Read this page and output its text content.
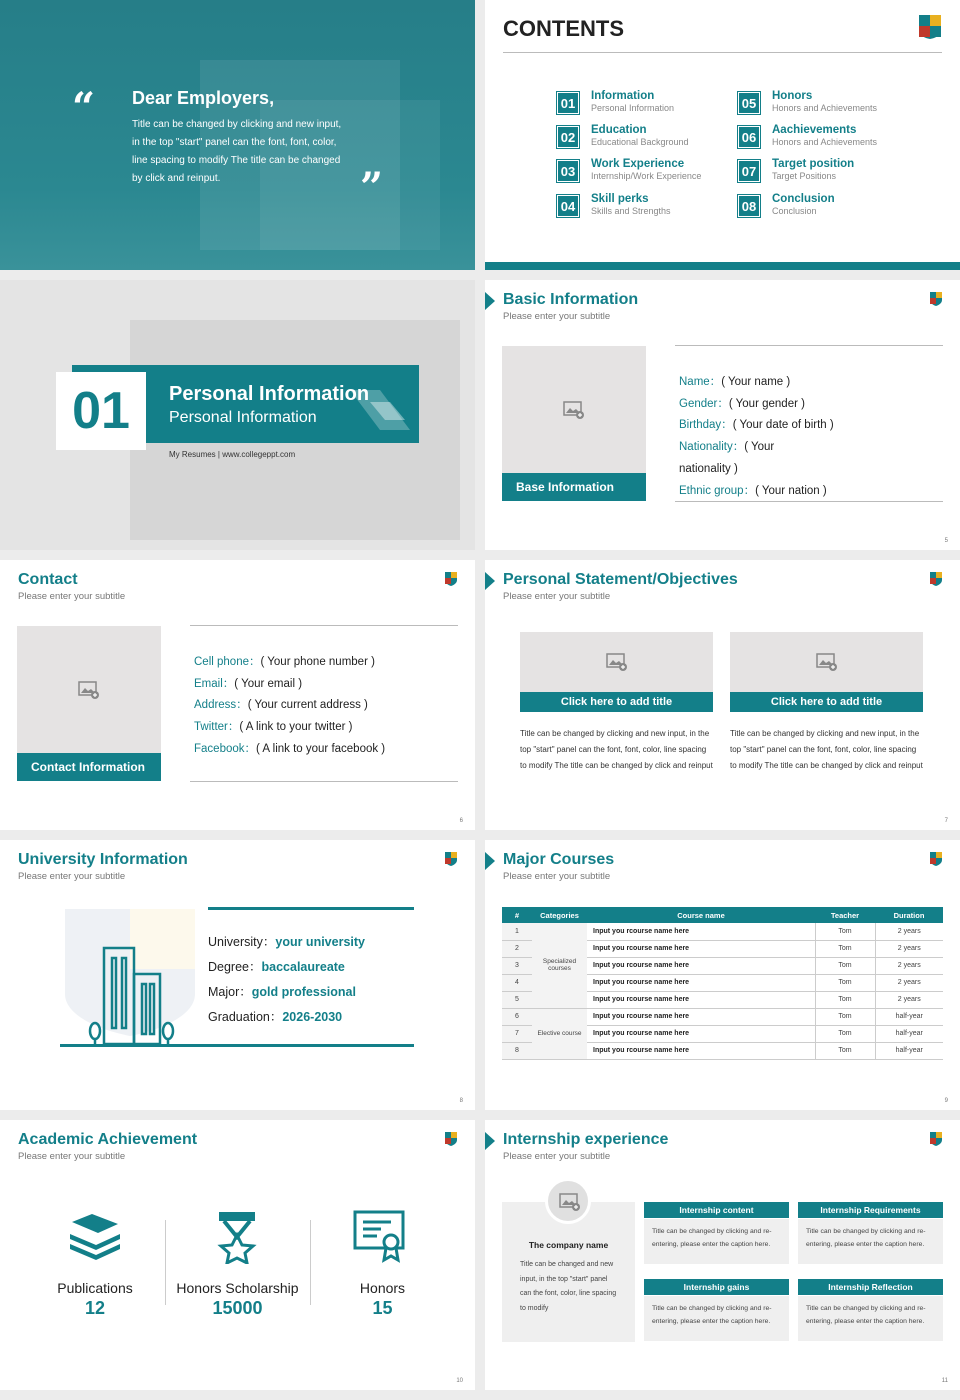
“ Dear Employers,
Title can be changed by clicking and new input, in the top "start" panel can the font, font, color, line spacing to modify The title can be changed by click and reinput.	”
CONTENTS
01	Information
Personal Information
02	Education
Educational Background
03	Work Experience
Internship/Work Experience
04	Skill perks
Skills and Strengths
05	Honors
Honors and Achievements
06	Aachievements
Honors and Achievements
07	Target position
Target Positions
08	Conclusion
Conclusion
01	Personal Information
Personal Information
My Resumes | www.collegeppt.com
Basic Information
Please enter your subtitle
Base Information
Name：( Your name )
Gender：( Your gender )
Birthday：( Your date of birth )
Nationality：( Your
nationality )
Ethnic group：( Your nation )
5
Contact
Please enter your subtitle
Contact Information
Cell phone：( Your phone number )
Email：( Your email )
Address：( Your current address )
Twitter：( A link to your twitter )
Facebook：( A link to your facebook )
6
Personal Statement/Objectives
Please enter your subtitle
Click here to add title
Title can be changed by clicking and new input, in the top "start" panel can the font, font, color, line spacing to modify The title can be changed by click and reinput
Click here to add title
Title can be changed by clicking and new input, in the top "start" panel can the font, font, color, line spacing to modify The title can be changed by click and reinput
7
University Information
Please enter your subtitle
University：your university
Degree：baccalaureate
Major：gold professional
Graduation：2026-2030
8
Major Courses
Please enter your subtitle
#	Categories	Course name	Teacher	Duration
1	Specialized courses	Input you rcourse name here	Tom	2 years
2		Input you rcourse name here	Tom	2 years
3		Input you rcourse name here	Tom	2 years
4		Input you rcourse name here	Tom	2 years
5		Input you rcourse name here	Tom	2 years
6	Elective course	Input you rcourse name here	Tom	half-year
7		Input you rcourse name here	Tom	half-year
8		Input you rcourse name here	Tom	half-year
9
Academic Achievement
Please enter your subtitle
Publications
12
Honors Scholarship
15000
Honors
15
10
Internship experience
Please enter your subtitle
The company name
Title can be changed and new input, in the top "start" panel can the font, color, line spacing to modify
Internship content
Title can be changed by clicking and re-entering, please enter the caption here.
Internship Requirements
Title can be changed by clicking and re-entering, please enter the caption here.
Internship gains
Title can be changed by clicking and re-entering, please enter the caption here.
Internship Reflection
Title can be changed by clicking and re-entering, please enter the caption here.
11
